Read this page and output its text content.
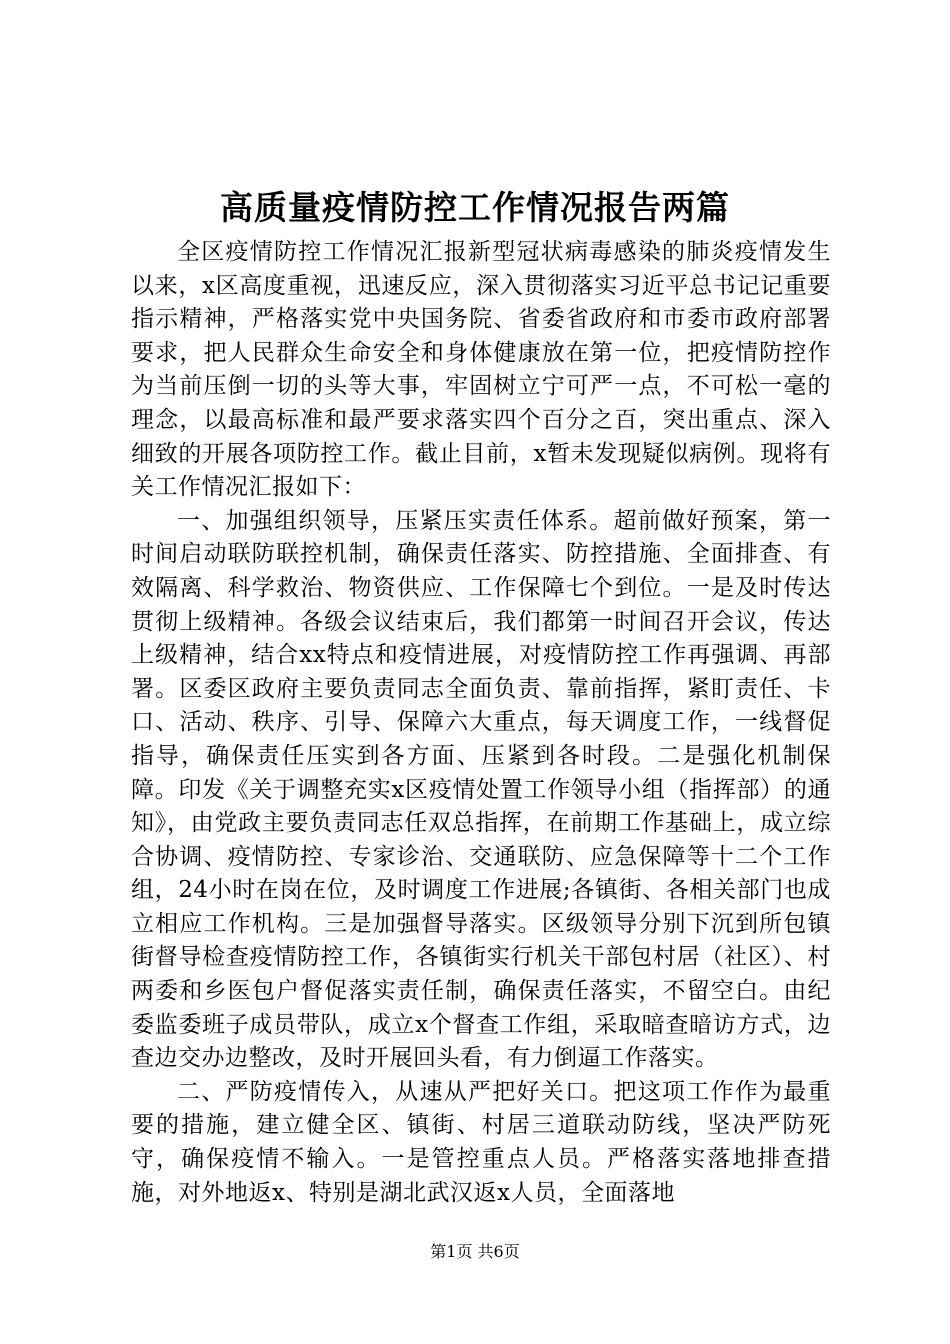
高质量疫情防控工作情况报告两篇

全区疫情防控工作情况汇报新型冠状病毒感染的肺炎疫情发生以来，x区高度重视，迅速反应，深入贯彻落实习近平总书记记重要指示精神，严格落实党中央国务院、省委省政府和市委市政府部署要求，把人民群众生命安全和身体健康放在第一位，把疫情防控作为当前压倒一切的头等大事，牢固树立宁可严一点，不可松一毫的理念，以最高标准和最严要求落实四个百分之百，突出重点、深入细致的开展各项防控工作。截止目前，x暂未发现疑似病例。现将有关工作情况汇报如下：

一、加强组织领导，压紧压实责任体系。超前做好预案，第一时间启动联防联控机制，确保责任落实、防控措施、全面排查、有效隔离、科学救治、物资供应、工作保障七个到位。一是及时传达贯彻上级精神。各级会议结束后，我们都第一时间召开会议，传达上级精神，结合xx特点和疫情进展，对疫情防控工作再强调、再部署。区委区政府主要负责同志全面负责、靠前指挥，紧盯责任、卡口、活动、秩序、引导、保障六大重点，每天调度工作，一线督促指导，确保责任压实到各方面、压紧到各时段。二是强化机制保障。印发《关于调整充实x区疫情处置工作领导小组（指挥部）的通知》，由党政主要负责同志任双总指挥，在前期工作基础上，成立综合协调、疫情防控、专家诊治、交通联防、应急保障等十二个工作组，24小时在岗在位，及时调度工作进展;各镇街、各相关部门也成立相应工作机构。三是加强督导落实。区级领导分别下沉到所包镇街督导检查疫情防控工作，各镇街实行机关干部包村居（社区）、村两委和乡医包户督促落实责任制，确保责任落实，不留空白。由纪委监委班子成员带队，成立x个督查工作组，采取暗查暗访方式，边查边交办边整改，及时开展回头看，有力倒逼工作落实。

二、严防疫情传入，从速从严把好关口。把这项工作作为最重要的措施，建立健全区、镇街、村居三道联动防线，坚决严防死守，确保疫情不输入。一是管控重点人员。严格落实落地排查措施，对外地返x、特别是湖北武汉返x人员，全面落地

第1页 共6页
